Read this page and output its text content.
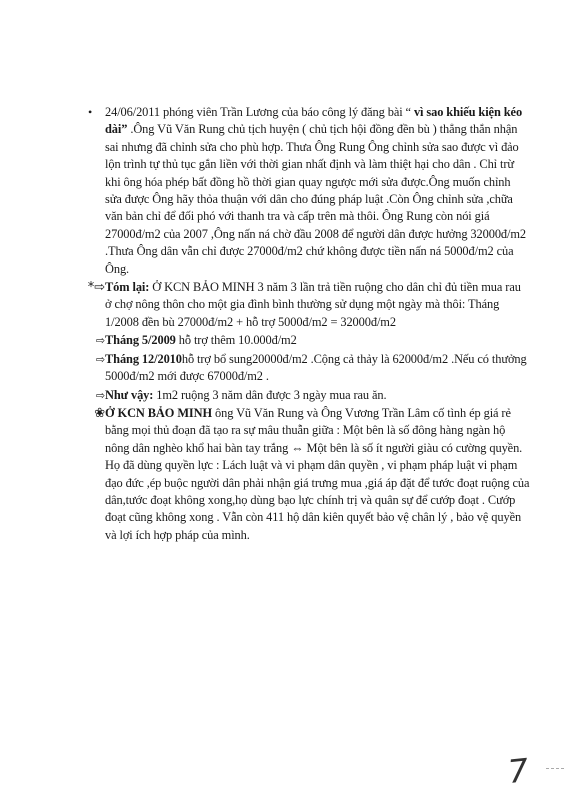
• 24/06/2011 phóng viên Trần Lương của báo công lý đăng bài “ vì sao khiếu kiện kéo dài” .Ông Vũ Văn Rung chủ tịch huyện ( chủ tịch hội đồng đền bù ) thẳng thắn nhận sai nhưng đã chỉnh sửa cho phù hợp. Thưa Ông Rung Ông chỉnh sửa sao được vì đảo lộn trình tự thủ tục gắn liền với thời gian nhất định và làm thiệt hại cho dân . Chỉ trừ khi ông hóa phép bất đồng hồ thời gian quay ngược mới sửa được.Ông muốn chỉnh sửa được Ông hãy thỏa thuận với dân cho đúng pháp luật .Còn Ông chỉnh sửa ,chữa văn bản chỉ để đối phó với thanh tra và cấp trên mà thôi. Ông Rung còn nói giá 27000đ/m2 của 2007 ,Ông nấn ná chờ đầu 2008 để người dân được hưởng 32000đ/m2 .Thưa Ông dân vẫn chỉ được 27000đ/m2 chứ không được tiền nấn ná 5000đ/m2 của Ông.

*⇨ Tóm lại: Ở KCN BẢO MINH 3 năm 3 lần trả tiền ruộng cho dân chỉ đủ tiền mua rau ở chợ nông thôn cho một gia đình bình thường sử dụng một ngày mà thôi: Tháng 1/2008 đền bù 27000đ/m2 + hỗ trợ 5000đ/m2 = 32000đ/m2

⇨ Tháng 5/2009 hỗ trợ thêm 10.000đ/m2

⇨ Tháng 12/2010hỗ trợ bổ sung20000đ/m2 .Cộng cả thảy là 62000đ/m2 .Nếu có thưởng 5000đ/m2 mới được 67000đ/m2 .

⇨ Như vậy: 1m2 ruộng 3 năm dân được 3 ngày mua rau ăn.

❀ Ở KCN BẢO MINH ông Vũ Văn Rung và Ông Vương Trần Lâm cố tình ép giá rẻ bằng mọi thủ đoạn đã tạo ra sự mâu thuẫn giữa : Một bên là số đông hàng ngàn hộ nông dân nghèo khổ hai bàn tay trắng ⇔ Một bên là số ít người giàu có cường quyền. Họ đã dùng quyền lực : Lách luật và vi phạm dân quyền , vi phạm pháp luật vi phạm đạo đức ,ép buộc người dân phải nhận giá trưng mua ,giá áp đặt để tước đoạt ruộng của dân,tước đoạt không xong,họ dùng bạo lực chính trị và quân sự để cướp đoạt . Cướp đoạt cũng không xong . Vẫn còn 411 hộ dân kiên quyết bảo vệ chân lý , bảo vệ quyền và lợi ích hợp pháp của mình.

7
